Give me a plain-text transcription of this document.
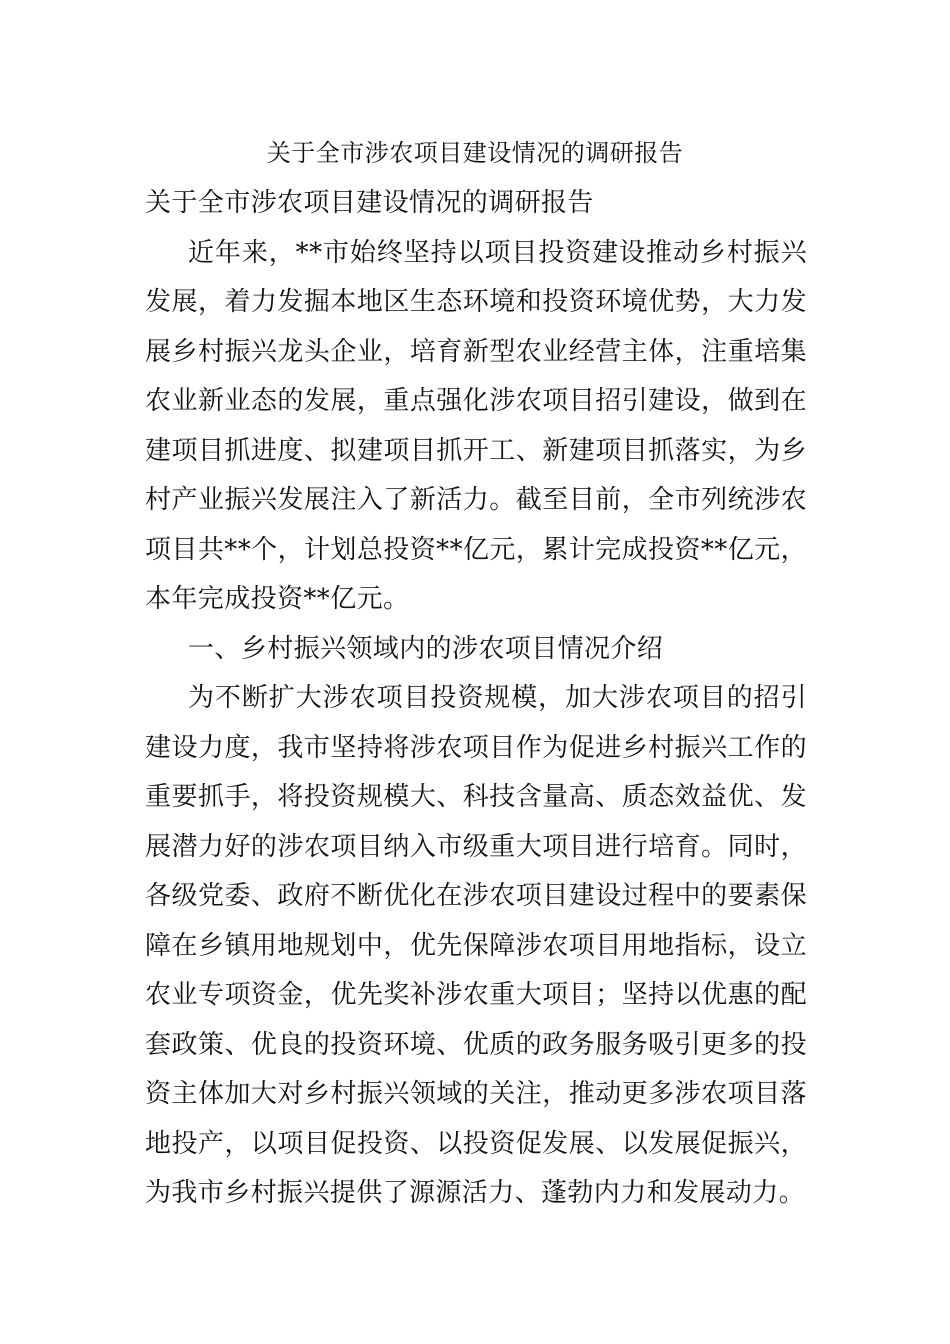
关于全市涉农项目建设情况的调研报告

关于全市涉农项目建设情况的调研报告

近年来，**市始终坚持以项目投资建设推动乡村振兴发展，着力发掘本地区生态环境和投资环境优势，大力发展乡村振兴龙头企业，培育新型农业经营主体，注重培集农业新业态的发展，重点强化涉农项目招引建设，做到在建项目抓进度、拟建项目抓开工、新建项目抓落实，为乡村产业振兴发展注入了新活力。截至目前，全市列统涉农项目共**个，计划总投资**亿元，累计完成投资**亿元，本年完成投资**亿元。

一、乡村振兴领域内的涉农项目情况介绍

为不断扩大涉农项目投资规模，加大涉农项目的招引建设力度，我市坚持将涉农项目作为促进乡村振兴工作的重要抓手，将投资规模大、科技含量高、质态效益优、发展潜力好的涉农项目纳入市级重大项目进行培育。同时，各级党委、政府不断优化在涉农项目建设过程中的要素保障在乡镇用地规划中，优先保障涉农项目用地指标，设立农业专项资金，优先奖补涉农重大项目；坚持以优惠的配套政策、优良的投资环境、优质的政务服务吸引更多的投资主体加大对乡村振兴领域的关注，推动更多涉农项目落地投产，以项目促投资、以投资促发展、以发展促振兴，为我市乡村振兴提供了源源活力、蓬勃内力和发展动力。
